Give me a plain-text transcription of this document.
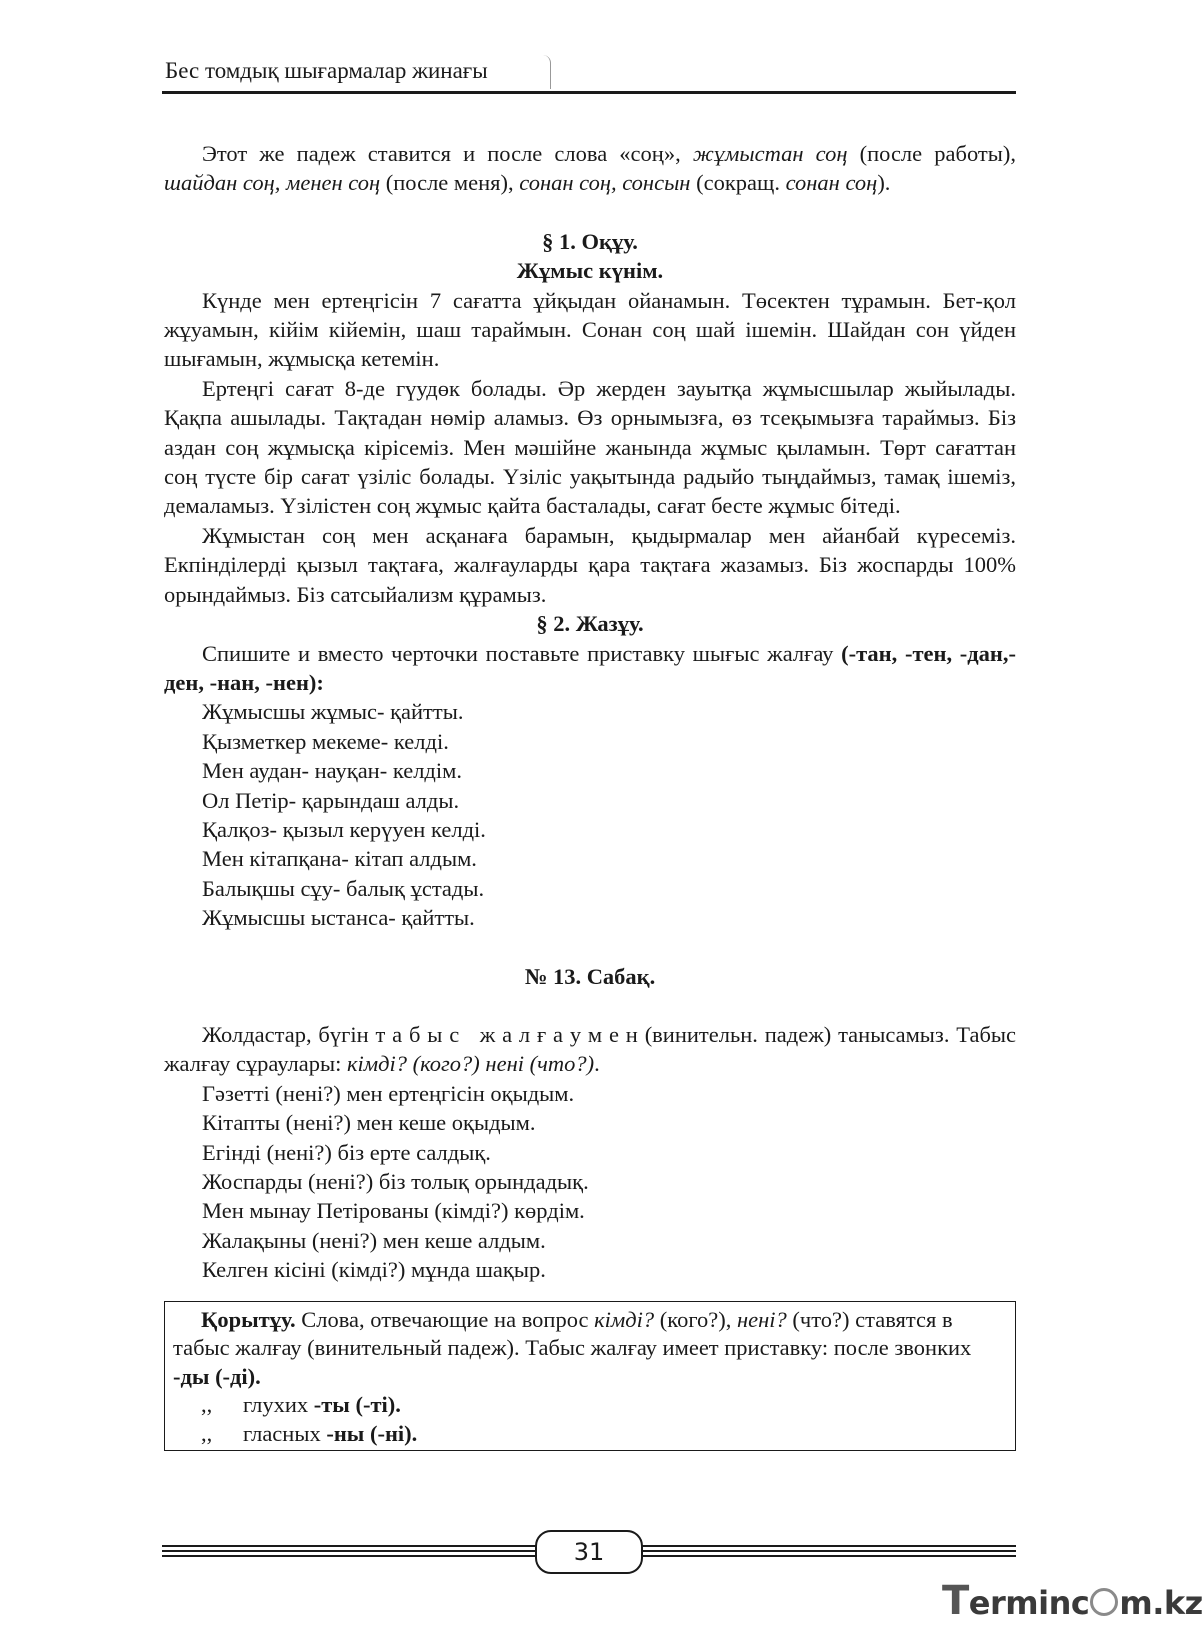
Бес томдық шығармалар жинағы

Этот же падеж ставится и после слова «соң», жұмыстан соң (после работы), шайдан соң, менен соң (после меня), сонан соң, сонсын (сокращ. сонан соң).

§ 1. Оқұу.

Жұмыс күнім.

Күнде мен ертеңгісін 7 сағатта ұйқыдан ойанамын. Төсектен тұрамын. Бет-қол жұуамын, кійім кійемін, шаш тараймын. Сонан соң шай ішемін. Шайдан сон үйден шығамын, жұмысқа кетемін.

Ертеңгі сағат 8-де гүудөк болады. Әр жерден зауытқа жұмысшылар жыйылады. Қақпа ашылады. Тақтадан нөмір аламыз. Өз орнымызға, өз тсеқымызға тараймыз. Біз аздан соң жұмысқа кірісеміз. Мен мәшійне жанында жұмыс қыламын. Төрт сағаттан соң түсте бір сағат үзіліс болады. Үзіліс уақытында радыйо тыңдаймыз, тамақ ішеміз, демаламыз. Үзілістен соң жұмыс қайта басталады, сағат бесте жұмыс бітеді.

Жұмыстан соң мен асқанаға барамын, қыдырмалар мен айанбай күресеміз. Екпінділерді қызыл тақтаға, жалғауларды қара тақтаға жазамыз. Біз жоспарды 100% орындаймыз. Біз сатсыйализм құрамыз.

§ 2. Жазұу.

Спишите и вместо черточки поставьте приставку шығыс жалғау (-тан, -тен, -дан,-ден, -нан, -нен):

Жұмысшы жұмыс- қайтты.

Қызметкер мекеме- келді.

Мен аудан- науқан- келдім.

Ол Петір- қарындаш алды.

Қалқоз- қызыл керүуен келді.

Мен кітапқана- кітап алдым.

Балықшы сұу- балық ұстады.

Жұмысшы ыстанса- қайтты.

№ 13. Сабақ.

Жолдастар, бүгін т а б ы с   ж а л ғ а у м е н (винительн. падеж) танысамыз. Табыс жалғау сұраулары: кімді? (кого?) нені (что?).

Гәзетті (нені?) мен ертеңгісін оқыдым.

Кітапты (нені?) мен кеше оқыдым.

Егінді (нені?) біз ерте салдық.

Жоспарды (нені?) біз толық орындадық.

Мен мынау Петірованы (кімді?) көрдім.

Жалақыны (нені?) мен кеше алдым.

Келген кісіні (кімді?) мұнда шақыр.

Қорытұу. Слова, отвечающие на вопрос кімді? (кого?), нені? (что?) ставятся в табыс жалғау (винительный падеж). Табыс жалғау имеет приставку: после звонких -ды (-ді).

,, глухих -ты (-ті).

,, гласных -ны (-ні).

31
Terminc m.kz
